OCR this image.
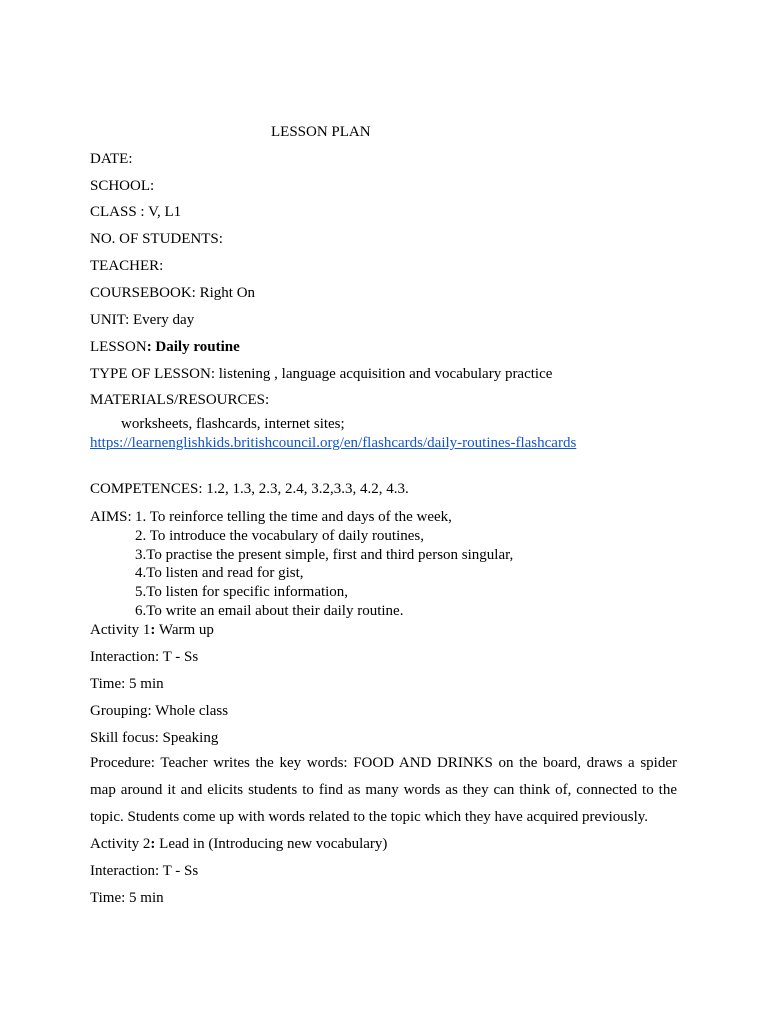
LESSON PLAN
DATE:
SCHOOL:
CLASS : V, L1
NO. OF STUDENTS:
TEACHER:
COURSEBOOK: Right On
UNIT: Every day
LESSON: Daily routine
TYPE OF LESSON: listening , language acquisition and vocabulary practice
MATERIALS/RESOURCES:
worksheets, flashcards, internet sites;
https://learnenglishkids.britishcouncil.org/en/flashcards/daily-routines-flashcards
COMPETENCES: 1.2, 1.3, 2.3, 2.4, 3.2,3.3, 4.2, 4.3.
AIMS: 1. To reinforce telling the time and days of the week,
2. To introduce the vocabulary of daily routines,
3.To practise the present simple, first and third person singular,
4.To listen and read for gist,
5.To listen for specific information,
6.To write an email about their daily routine.
Activity 1: Warm up
Interaction: T - Ss
Time: 5 min
Grouping: Whole class
Skill focus: Speaking
Procedure: Teacher writes the key words: FOOD AND DRINKS on the board, draws a spider map around it and elicits students to find as many words as they can think of, connected to the topic. Students come up with words related to the topic which they have acquired previously.
Activity 2: Lead in (Introducing new vocabulary)
Interaction: T - Ss
Time: 5 min
